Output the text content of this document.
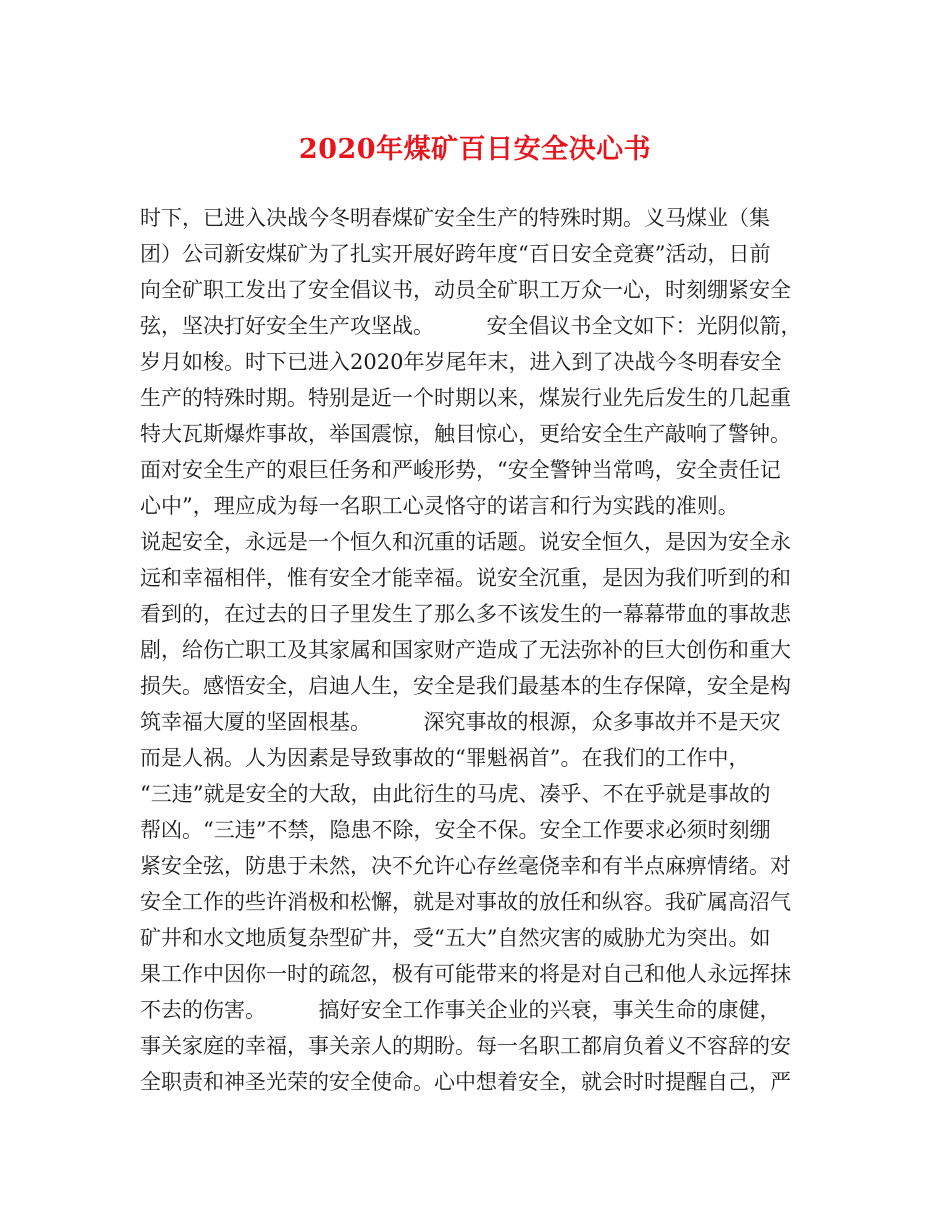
2020年煤矿百日安全决心书
时下，已进入决战今冬明春煤矿安全生产的特殊时期。义马煤业（集
团）公司新安煤矿为了扎实开展好跨年度“百日安全竞赛”活动，日前
向全矿职工发出了安全倡议书，动员全矿职工万众一心，时刻绷紧安全
弦，坚决打好安全生产攻坚战。　　　安全倡议书全文如下：光阴似箭，
岁月如梭。时下已进入2020年岁尾年末，进入到了决战今冬明春安全
生产的特殊时期。特别是近一个时期以来，煤炭行业先后发生的几起重
特大瓦斯爆炸事故，举国震惊，触目惊心，更给安全生产敲响了警钟。
面对安全生产的艰巨任务和严峻形势，“安全警钟当常鸣，安全责任记
心中”，理应成为每一名职工心灵恪守的诺言和行为实践的准则。
说起安全，永远是一个恒久和沉重的话题。说安全恒久，是因为安全永
远和幸福相伴，惟有安全才能幸福。说安全沉重，是因为我们听到的和
看到的，在过去的日子里发生了那么多不该发生的一幕幕带血的事故悲
剧，给伤亡职工及其家属和国家财产造成了无法弥补的巨大创伤和重大
损失。感悟安全，启迪人生，安全是我们最基本的生存保障，安全是构
筑幸福大厦的坚固根基。　　　深究事故的根源，众多事故并不是天灾
而是人祸。人为因素是导致事故的“罪魁祸首”。在我们的工作中，
“三违”就是安全的大敌，由此衍生的马虎、凑乎、不在乎就是事故的
帮凶。“三违”不禁，隐患不除，安全不保。安全工作要求必须时刻绷
紧安全弦，防患于未然，决不允许心存丝毫侥幸和有半点麻痹情绪。对
安全工作的些许消极和松懈，就是对事故的放任和纵容。我矿属高沼气
矿井和水文地质复杂型矿井，受“五大”自然灾害的威胁尤为突出。如
果工作中因你一时的疏忽，极有可能带来的将是对自己和他人永远挥抹
不去的伤害。　　　搞好安全工作事关企业的兴衰，事关生命的康健，
事关家庭的幸福，事关亲人的期盼。每一名职工都肩负着义不容辞的安
全职责和神圣光荣的安全使命。心中想着安全，就会时时提醒自己，严
